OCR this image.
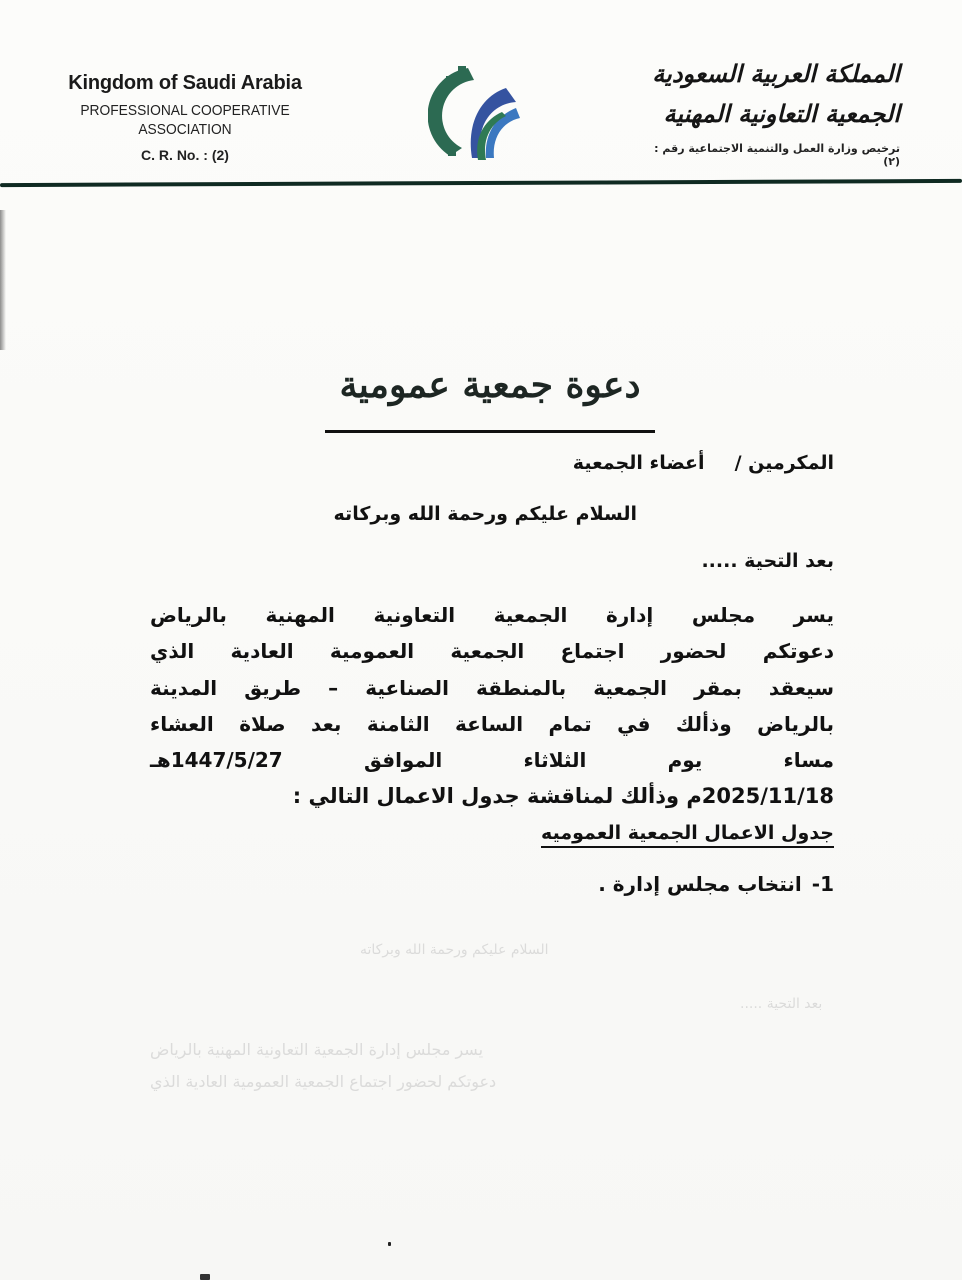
Kingdom of Saudi Arabia
PROFESSIONAL COOPERATIVE
ASSOCIATION
C. R. No. : (2)
المملكة العربية السعودية
الجمعية التعاونية المهنية
ترخيص وزارة العمل والتنمية الاجتماعية رقم : (٢)
دعوة جمعية عمومية
المكرمين /
أعضاء الجمعية
السلام عليكم ورحمة الله وبركاته
بعد التحية .....
يسر مجلس إدارة الجمعية التعاونية المهنية بالرياض
دعوتكم لحضور اجتماع الجمعية العمومية العادية الذي
سيعقد بمقر الجمعية بالمنطقة الصناعية – طريق المدينة
بالرياض وذألك في تمام الساعة الثامنة بعد صلاة العشاء
مساء يوم الثلاثاء الموافق 1447/5/27هـ
2025/11/18م وذألك لمناقشة جدول الاعمال التالي :
جدول الاعمال الجمعية العموميه
1-
انتخاب مجلس إدارة .
السلام عليكم ورحمة الله وبركاته
بعد التحية .....
يسر مجلس إدارة الجمعية التعاونية المهنية بالرياض
دعوتكم لحضور اجتماع الجمعية العمومية العادية الذي
